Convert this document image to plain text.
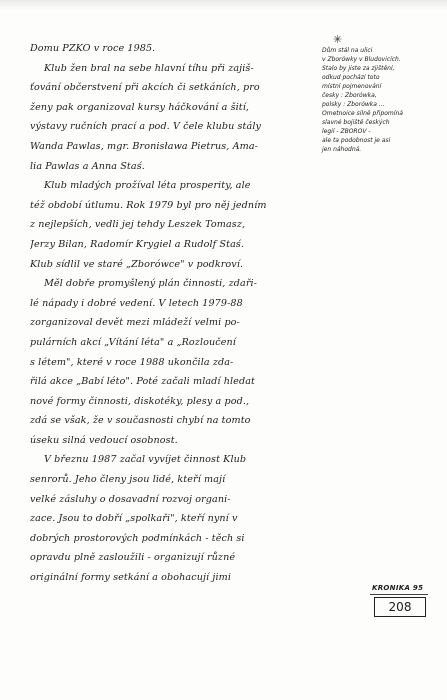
Domu PZKO v roce 1985.
Klub žen bral na sebe hlavní tíhu při zajiš-
ťování občerstvení při akcích či setkáních, pro
ženy pak organizoval kursy háčkování a šití,
výstavy ručních prací a pod. V čele klubu stály
Wanda Pawlas, mgr. Bronisława Pietrus, Ama-
lia Pawlas a Anna Staś.
Klub mladých prožíval léta prosperity, ale
též období útlumu. Rok 1979 byl pro něj jedním
z nejlepších, vedli jej tehdy Leszek Tomasz,
Jerzy Bilan, Radomír Krygiel a Rudolf Staś.
Klub sídlil ve staré „Zborówce" v podkroví.
Měl dobře promyšlený plán činnosti, zdaři-
lé nápady i dobré vedení. V letech 1979-88
zorganizoval devět mezi mládeží velmi po-
pulárních akcí „Vítání léta" a „Rozloučení
s létem", které v roce 1988 ukončila zda-
řilá akce „Babí léto". Poté začali mladí hledat
nové formy činnosti, diskotéky, plesy a pod.,
zdá se však, že v současnosti chybí na tomto
úseku silná vedoucí osobnost.
V březnu 1987 začal vyvíjet činnost Klub
senrorů. Jeho členy jsou lidé, kteří mají
velké zásluhy o dosavadní rozvoj organi-
zace. Jsou to dobří „spolkaři", kteří nyní v
dobrých prostorových podmínkách - těch si
opravdu plně zasloužili - organizují různé
originální formy setkání a obohacují jimi
✳
Dům stál na ulici
v Zborówky v Bludovicích.
Stalo by jiste za zjištění,
odkud pochází toto
místní pojmenování
česky : Zborówka,
polsky : Zborówka ...
Ometnoice silně připomíná
slavné bojiště českých
legií - ZBOROV -
ale ta podobnost je asi
jen náhodná.
KRONIKA 95
208
